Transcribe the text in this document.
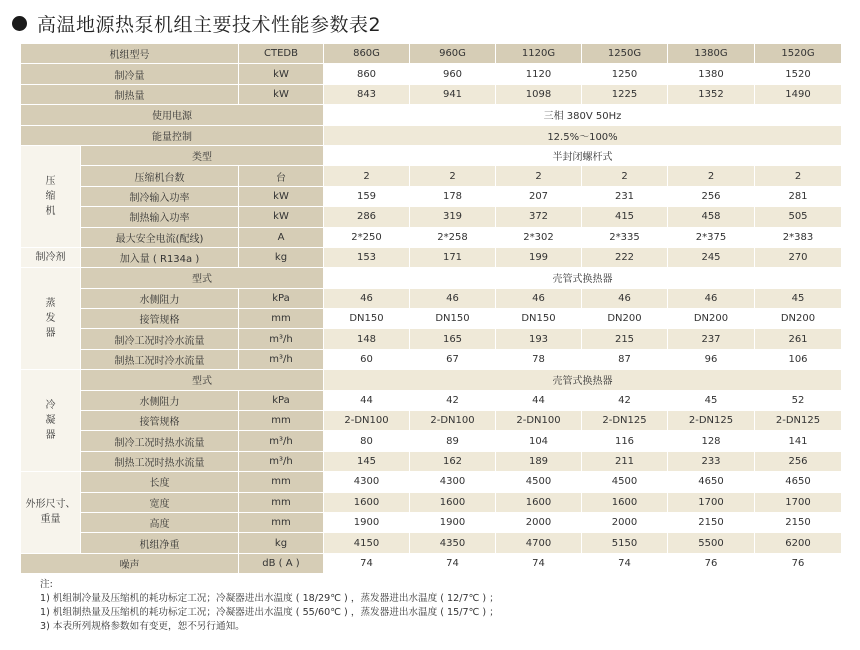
高温地源热泵机组主要技术性能参数表2
机组型号		CTEDB	860G	960G	1120G	1250G	1380G	1520G
制冷量		kW	860	960	1120	1250	1380	1520
制热量		kW	843	941	1098	1225	1352	1490
使用电源			三相 380V 50Hz					
能量控制			12.5%～100%					
压缩机	类型		半封闭螺杆式					
	压缩机台数	台	2	2	2	2	2	2
	制冷输入功率	kW	159	178	207	231	256	281
	制热输入功率	kW	286	319	372	415	458	505
	最大安全电流(配线)	A	2*250	2*258	2*302	2*335	2*375	2*383
制冷剂	加入量 ( R134a )	kg	153	171	199	222	245	270
蒸发器	型式		壳管式换热器					
	水侧阻力	kPa	46	46	46	46	46	45
	接管规格	mm	DN150	DN150	DN150	DN200	DN200	DN200
	制冷工况时冷水流量	m³/h	148	165	193	215	237	261
	制热工况时冷水流量	m³/h	60	67	78	87	96	106
冷凝器	型式		壳管式换热器					
	水侧阻力	kPa	44	42	44	42	45	52
	接管规格	mm	2-DN100	2-DN100	2-DN100	2-DN125	2-DN125	2-DN125
	制冷工况时热水流量	m³/h	80	89	104	116	128	141
	制热工况时热水流量	m³/h	145	162	189	211	233	256
外形尺寸、重量	长度	mm	4300	4300	4500	4500	4650	4650
	宽度	mm	1600	1600	1600	1600	1700	1700
	高度	mm	1900	1900	2000	2000	2150	2150
	机组净重	kg	4150	4350	4700	5150	5500	6200
噪声		dB ( A )	74	74	74	74	76	76
注:
1) 机组制冷量及压缩机的耗功标定工况；冷凝器进出水温度 ( 18/29℃ ) ，蒸发器进出水温度 ( 12/7℃ ) ；
1) 机组制热量及压缩机的耗功标定工况；冷凝器进出水温度 ( 55/60℃ ) ，蒸发器进出水温度 ( 15/7℃ ) ；
3) 本表所列规格参数如有变更，恕不另行通知。
